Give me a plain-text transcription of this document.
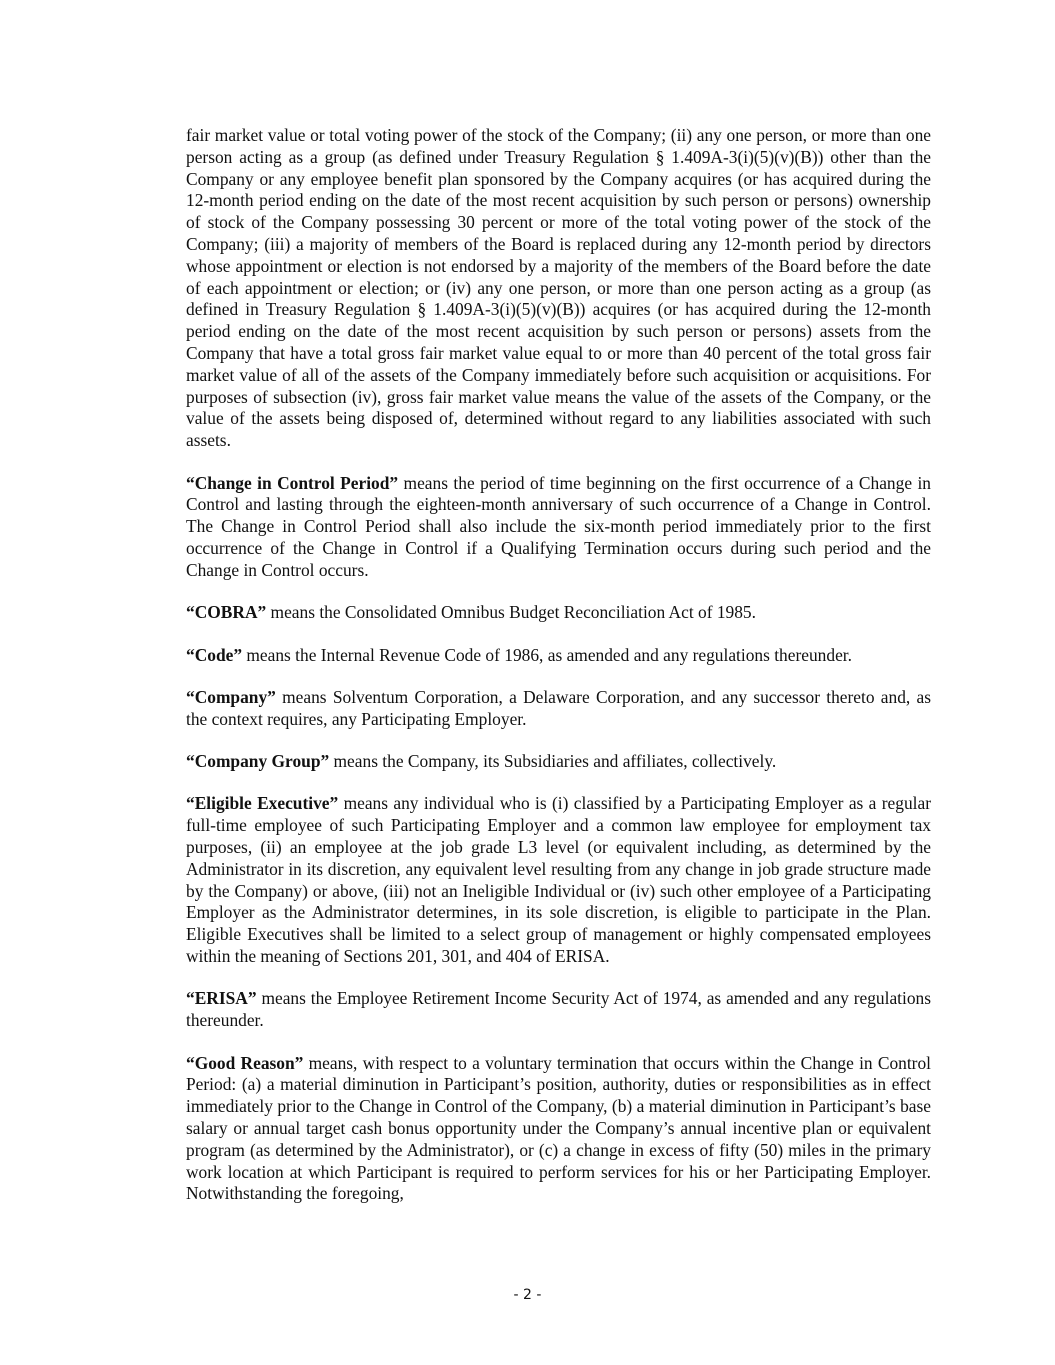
fair market value or total voting power of the stock of the Company; (ii) any one person, or more than one person acting as a group (as defined under Treasury Regulation § 1.409A-3(i)(5)(v)(B)) other than the Company or any employee benefit plan sponsored by the Company acquires (or has acquired during the 12-month period ending on the date of the most recent acquisition by such person or persons) ownership of stock of the Company possessing 30 percent or more of the total voting power of the stock of the Company; (iii) a majority of members of the Board is replaced during any 12-month period by directors whose appointment or election is not endorsed by a majority of the members of the Board before the date of each appointment or election; or (iv) any one person, or more than one person acting as a group (as defined in Treasury Regulation § 1.409A-3(i)(5)(v)(B)) acquires (or has acquired during the 12-month period ending on the date of the most recent acquisition by such person or persons) assets from the Company that have a total gross fair market value equal to or more than 40 percent of the total gross fair market value of all of the assets of the Company immediately before such acquisition or acquisitions. For purposes of subsection (iv), gross fair market value means the value of the assets of the Company, or the value of the assets being disposed of, determined without regard to any liabilities associated with such assets.

“Change in Control Period” means the period of time beginning on the first occurrence of a Change in Control and lasting through the eighteen-month anniversary of such occurrence of a Change in Control. The Change in Control Period shall also include the six-month period immediately prior to the first occurrence of the Change in Control if a Qualifying Termination occurs during such period and the Change in Control occurs.

“COBRA” means the Consolidated Omnibus Budget Reconciliation Act of 1985.

“Code” means the Internal Revenue Code of 1986, as amended and any regulations thereunder.

“Company” means Solventum Corporation, a Delaware Corporation, and any successor thereto and, as the context requires, any Participating Employer.

“Company Group” means the Company, its Subsidiaries and affiliates, collectively.

“Eligible Executive” means any individual who is (i) classified by a Participating Employer as a regular full-time employee of such Participating Employer and a common law employee for employment tax purposes, (ii) an employee at the job grade L3 level (or equivalent including, as determined by the Administrator in its discretion, any equivalent level resulting from any change in job grade structure made by the Company) or above, (iii) not an Ineligible Individual or (iv) such other employee of a Participating Employer as the Administrator determines, in its sole discretion, is eligible to participate in the Plan. Eligible Executives shall be limited to a select group of management or highly compensated employees within the meaning of Sections 201, 301, and 404 of ERISA.

“ERISA” means the Employee Retirement Income Security Act of 1974, as amended and any regulations thereunder.

“Good Reason” means, with respect to a voluntary termination that occurs within the Change in Control Period: (a) a material diminution in Participant’s position, authority, duties or responsibilities as in effect immediately prior to the Change in Control of the Company, (b) a material diminution in Participant’s base salary or annual target cash bonus opportunity under the Company’s annual incentive plan or equivalent program (as determined by the Administrator), or (c) a change in excess of fifty (50) miles in the primary work location at which Participant is required to perform services for his or her Participating Employer. Notwithstanding the foregoing,

- 2 -
